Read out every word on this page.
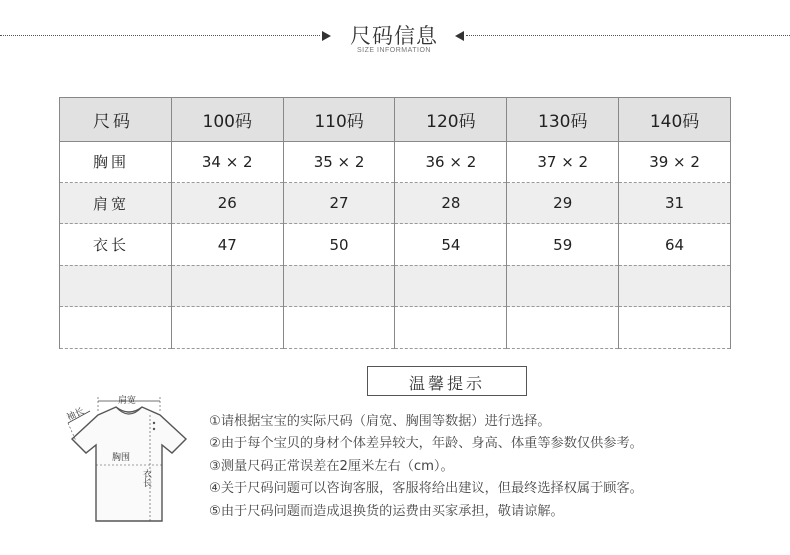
尺码信息
SIZE INFORMATION
尺码	100码	110码	120码	130码	140码
胸围	34 × 2	35 × 2	36 × 2	37 × 2	39 × 2
肩宽	26	27	28	29	31
衣长	47	50	54	59	64

温馨提示
肩宽
袖长
胸围
衣长
①请根据宝宝的实际尺码（肩宽、胸围等数据）进行选择。
②由于每个宝贝的身材个体差异较大，年龄、身高、体重等参数仅供参考。
③测量尺码正常误差在2厘米左右（cm）。
④关于尺码问题可以咨询客服，客服将给出建议，但最终选择权属于顾客。
⑤由于尺码问题而造成退换货的运费由买家承担，敬请谅解。
